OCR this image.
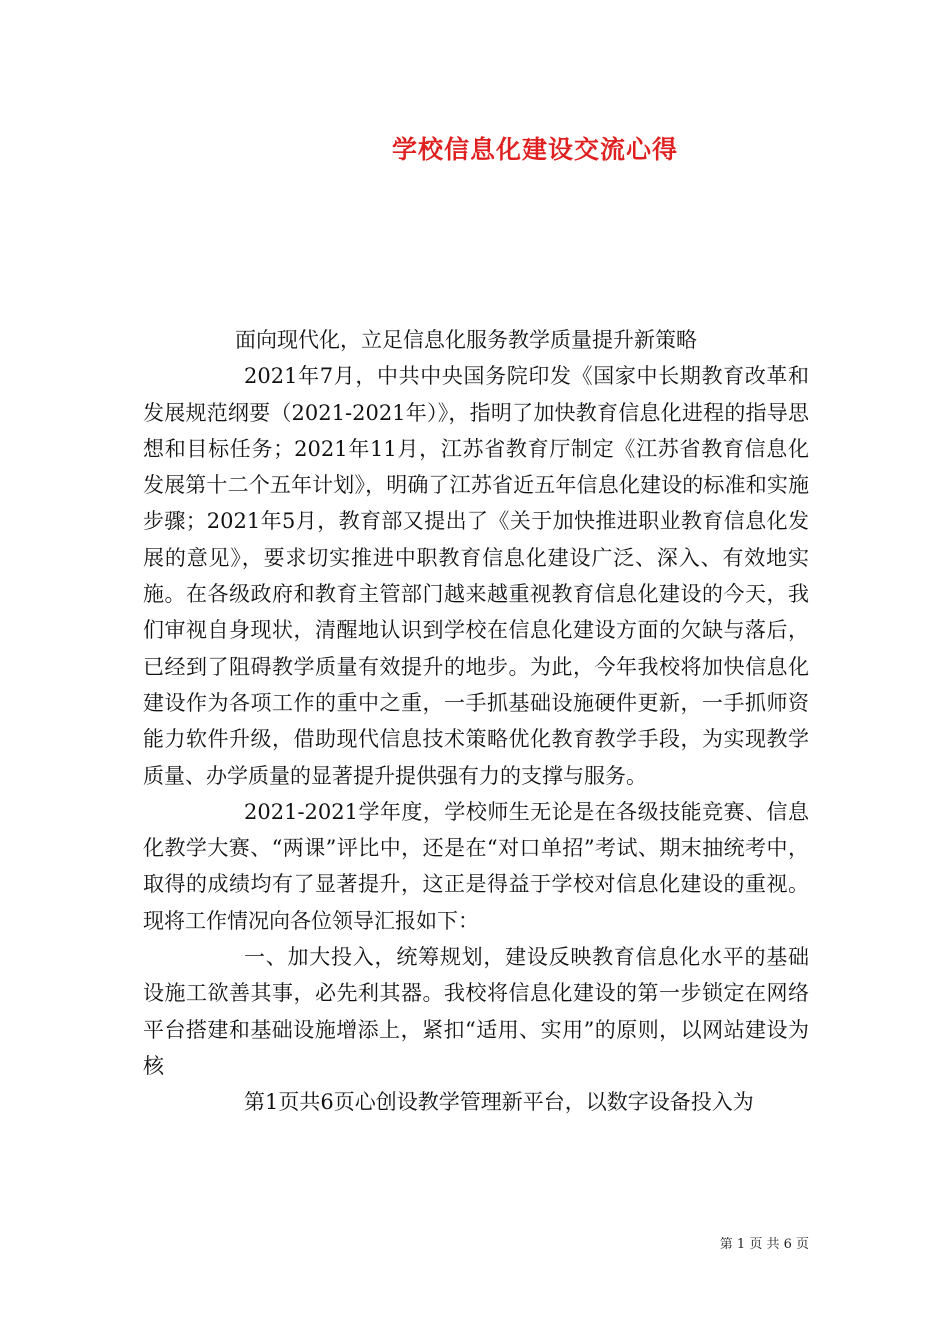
学校信息化建设交流心得

面向现代化，立足信息化服务教学质量提升新策略

2021年7月，中共中央国务院印发《国家中长期教育改革和发展规范纲要（2021-2021年）》，指明了加快教育信息化进程的指导思想和目标任务；2021年11月，江苏省教育厅制定《江苏省教育信息化发展第十二个五年计划》，明确了江苏省近五年信息化建设的标准和实施步骤；2021年5月，教育部又提出了《关于加快推进职业教育信息化发展的意见》，要求切实推进中职教育信息化建设广泛、深入、有效地实施。在各级政府和教育主管部门越来越重视教育信息化建设的今天，我们审视自身现状，清醒地认识到学校在信息化建设方面的欠缺与落后，已经到了阻碍教学质量有效提升的地步。为此，今年我校将加快信息化建设作为各项工作的重中之重，一手抓基础设施硬件更新，一手抓师资能力软件升级，借助现代信息技术策略优化教育教学手段，为实现教学质量、办学质量的显著提升提供强有力的支撑与服务。

2021-2021学年度，学校师生无论是在各级技能竞赛、信息化教学大赛、“两课”评比中，还是在“对口单招”考试、期末抽统考中，取得的成绩均有了显著提升，这正是得益于学校对信息化建设的重视。现将工作情况向各位领导汇报如下：

一、加大投入，统筹规划，建设反映教育信息化水平的基础设施工欲善其事，必先利其器。我校将信息化建设的第一步锁定在网络平台搭建和基础设施增添上，紧扣“适用、实用”的原则，以网站建设为核

第1页共6页心创设教学管理新平台，以数字设备投入为

第 1 页 共 6 页
